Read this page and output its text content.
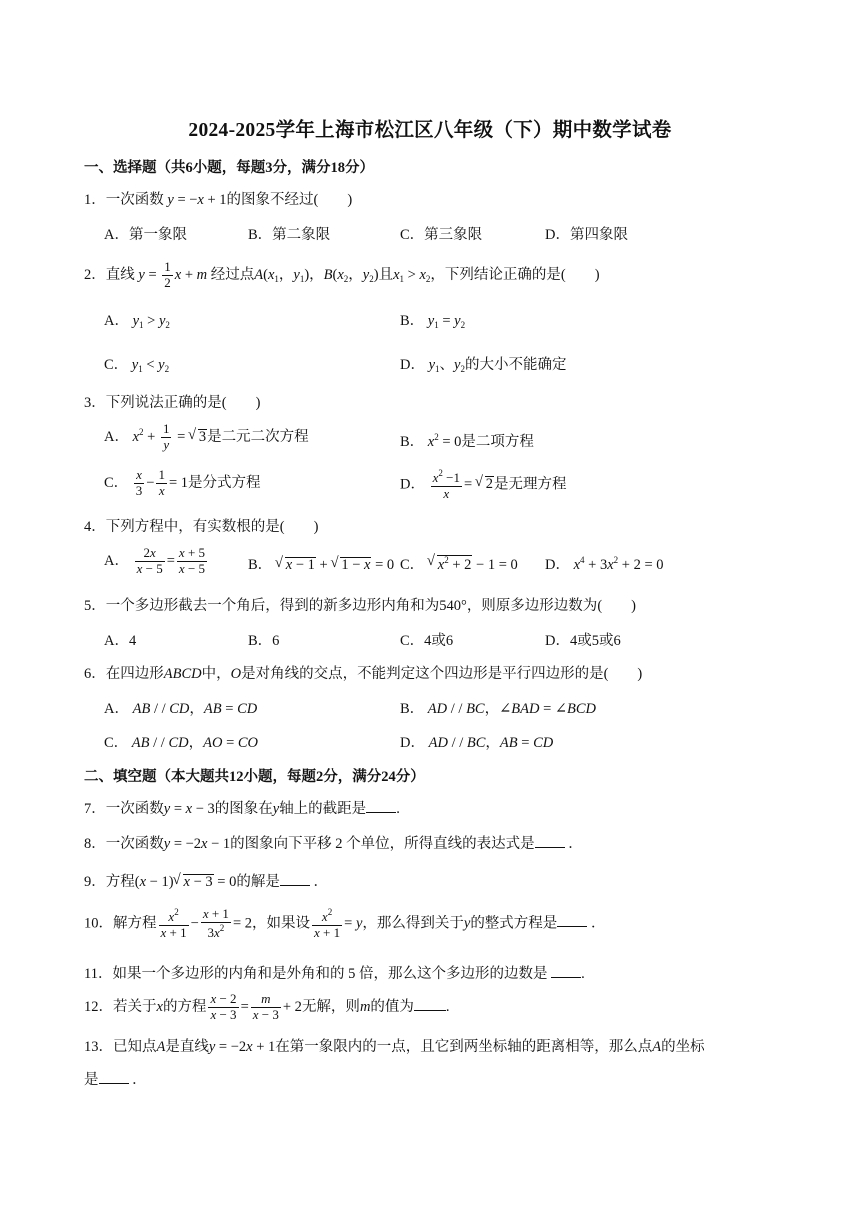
2024-2025学年上海市松江区八年级（下）期中数学试卷
一、选择题（共6小题，每题3分，满分18分）
1．一次函数 y = −x + 1的图象不经过(　　)
A．第一象限	B．第二象限	C．第三象限	D．第四象限
2．直线 $y = \frac{1}{2}$ x + m 经过点$A(x_1$，$y_1$)，$B(x_2$，$y_2$)且$x_1 > x_2$，下列结论正确的是(　　)
A． $y_1 > y_2$	B． $y_1 = y_2$
C． $y_1 < y_2$	D． $y_1$、$y_2$的大小不能确定
3．下列说法正确的是(　　)
A． $x^2 + \frac{1}{y}$ = √ 3是二元二次方程	B． $x^2 = 0$是二项方程
C． $\frac{x}{3} - \frac{1}{x} = 1$是分式方程	D． $\frac{x^2 -1}{x}$ = √ 2是无理方程
4．下列方程中，有实数根的是(　　)
A． $\frac{2x}{x - 5} = \frac{x + 5}{x - 5}$	B． √ x − 1 + √ 1 − x = 0 C． √ $x^2 + 2 - 1 = 0$ D． $x^4 + 3x^2 + 2 = 0$
5．一个多边形截去一个角后，得到的新多边形内角和为540°，则原多边形边数为(　　)
A．4	B．6	C．4或6	D．4或5或6
6．在四边形ABCD中，O是对角线的交点，不能判定这个四边形是平行四边形的是(　　)
A． AB / / CD，AB = CD	B． AD / / BC，∠BAD = ∠BCD
C． AB / / CD，AO = CO	D． AD / / BC，AB = CD
二、填空题（本大题共12小题，每题2分，满分24分）
7．一次函数y = x − 3的图象在y轴上的截距是 .
8．一次函数y = −2x − 1的图象向下平移 2 个单位，所得直线的表达式是 ．
9．方程(x − 1) √ x − 3 = 0的解是 ．
10．解方程 $\frac{x^2}{x + 1} - \frac{x + 1}{3x^2} = 2$，如果设 $\frac{x^2}{x + 1} = y$，那么得到关于y的整式方程是 ．
11．如果一个多边形的内角和是外角和的 5 倍，那么这个多边形的边数是 .
12．若关于x的方程 $\frac{x - 2}{x - 3} = \frac{m}{x - 3} + 2$无解，则m的值为 .
13．已知点A是直线y = −2x + 1在第一象限内的一点，且它到两坐标轴的距离相等，那么点A的坐标
是 ．
